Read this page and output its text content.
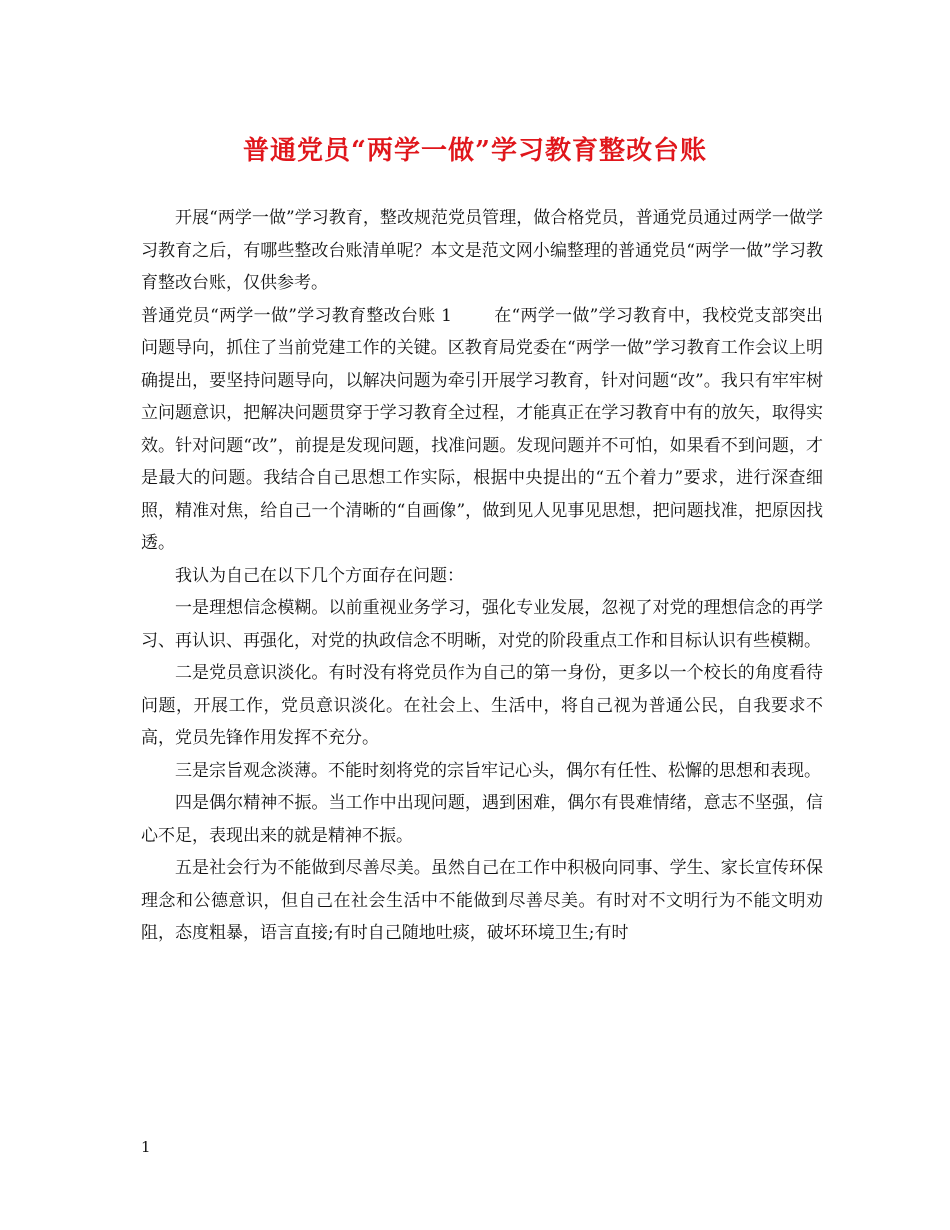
普通党员“两学一做”学习教育整改台账

开展“两学一做”学习教育，整改规范党员管理，做合格党员，普通党员通过两学一做学习教育之后，有哪些整改台账清单呢？本文是范文网小编整理的普通党员“两学一做”学习教育整改台账，仅供参考。

普通党员“两学一做”学习教育整改台账 1 在“两学一做”学习教育中，我校党支部突出问题导向，抓住了当前党建工作的关键。区教育局党委在“两学一做”学习教育工作会议上明确提出，要坚持问题导向，以解决问题为牵引开展学习教育，针对问题“改”。我只有牢牢树立问题意识，把解决问题贯穿于学习教育全过程，才能真正在学习教育中有的放矢，取得实效。针对问题“改”，前提是发现问题，找准问题。发现问题并不可怕，如果看不到问题，才是最大的问题。我结合自己思想工作实际，根据中央提出的“五个着力”要求，进行深查细照，精准对焦，给自己一个清晰的“自画像”，做到见人见事见思想，把问题找准，把原因找透。

我认为自己在以下几个方面存在问题：

一是理想信念模糊。以前重视业务学习，强化专业发展，忽视了对党的理想信念的再学习、再认识、再强化，对党的执政信念不明晰，对党的阶段重点工作和目标认识有些模糊。

二是党员意识淡化。有时没有将党员作为自己的第一身份，更多以一个校长的角度看待问题，开展工作，党员意识淡化。在社会上、生活中，将自己视为普通公民，自我要求不高，党员先锋作用发挥不充分。

三是宗旨观念淡薄。不能时刻将党的宗旨牢记心头，偶尔有任性、松懈的思想和表现。

四是偶尔精神不振。当工作中出现问题，遇到困难，偶尔有畏难情绪，意志不坚强，信心不足，表现出来的就是精神不振。

五是社会行为不能做到尽善尽美。虽然自己在工作中积极向同事、学生、家长宣传环保理念和公德意识，但自己在社会生活中不能做到尽善尽美。有时对不文明行为不能文明劝阻，态度粗暴，语言直接;有时自己随地吐痰，破坏环境卫生;有时

1
